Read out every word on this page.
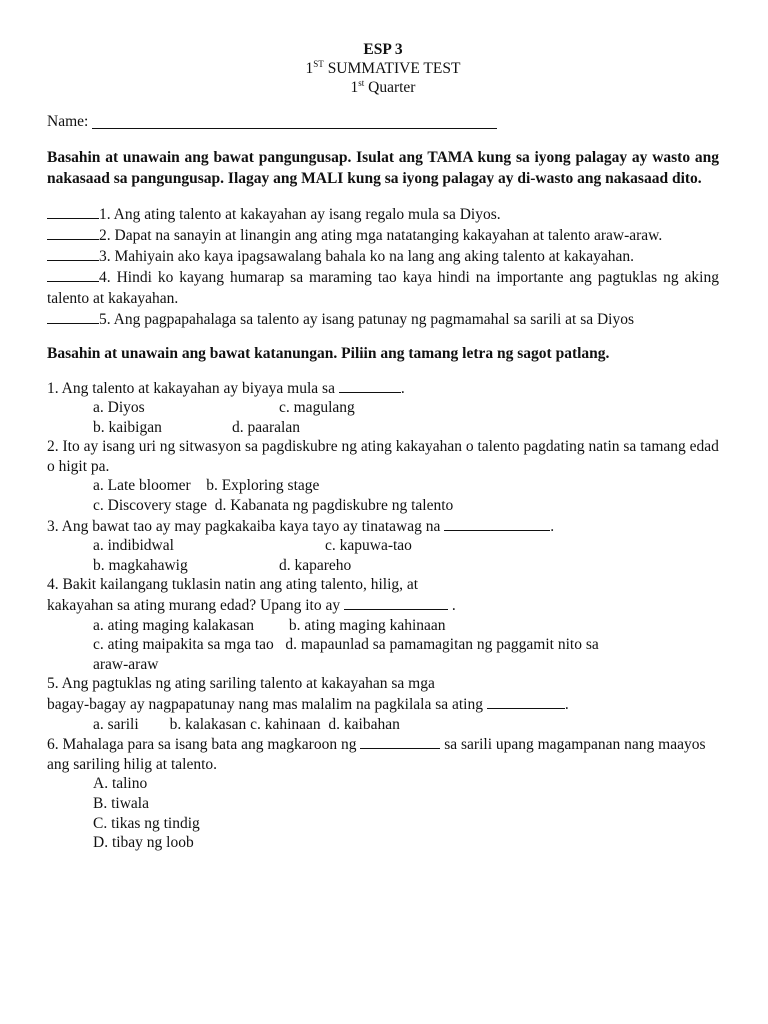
ESP 3
1ST SUMMATIVE TEST
1st Quarter
Name:
Basahin at unawain ang bawat pangungusap. Isulat ang TAMA kung sa iyong palagay ay wasto ang nakasaad sa pangungusap. Ilagay ang MALI kung sa iyong palagay ay di-wasto ang nakasaad dito.
1. Ang ating talento at kakayahan ay isang regalo mula sa Diyos.
2. Dapat na sanayin at linangin ang ating mga natatanging kakayahan at talento araw-araw.
3. Mahiyain ako kaya ipagsawalang bahala ko na lang ang aking talento at kakayahan.
4. Hindi ko kayang humarap sa maraming tao kaya hindi na importante ang pagtuklas ng aking talento at kakayahan.
5. Ang pagpapahalaga sa talento ay isang patunay ng pagmamahal sa sarili at sa Diyos
Basahin at unawain ang bawat katanungan. Piliin ang tamang letra ng sagot patlang.
1. Ang talento at kakayahan ay biyaya mula sa	.
a. Diyos	c. magulang
b. kaibigan	d. paaralan
2. Ito ay isang uri ng sitwasyon sa pagdiskubre ng ating kakayahan o talento pagdating natin sa tamang edad o higit pa.
a. Late bloomer    b. Exploring stage
c. Discovery stage  d. Kabanata ng pagdiskubre ng talento
3. Ang bawat tao ay may pagkakaiba kaya tayo ay tinatawag na	.
a. indibidwal	c. kapuwa-tao
b. magkahawig	d. kapareho
4. Bakit kailangang tuklasin natin ang ating talento, hilig, at
kakayahan sa ating murang edad? Upang ito ay	.
a. ating maging kalakasan         b. ating maging kahinaan
c. ating maipakita sa mga tao   d. mapaunlad sa pamamagitan ng paggamit nito sa
araw-araw
5. Ang pagtuklas ng ating sariling talento at kakayahan sa mga
bagay-bagay ay nagpapatunay nang mas malalim na pagkilala sa ating	.
a. sarili        b. kalakasan c. kahinaan  d. kaibahan
6. Mahalaga para sa isang bata ang magkaroon ng	sa sarili upang magampanan nang maayos ang sariling hilig at talento.
A. talino
B. tiwala
C. tikas ng tindig
D. tibay ng loob
